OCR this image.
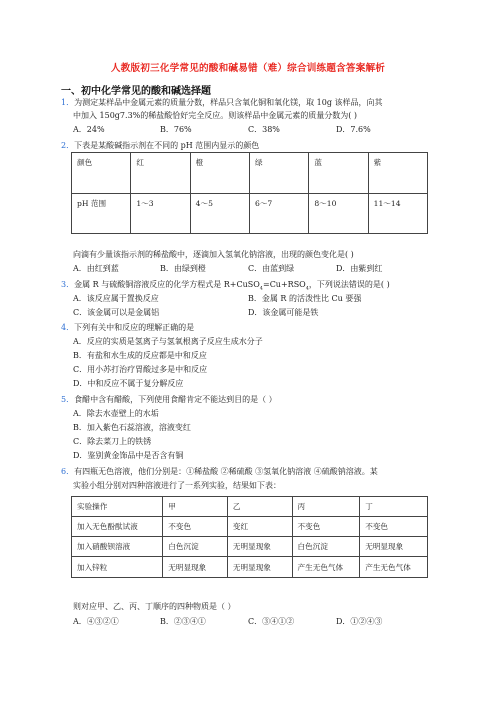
人教版初三化学常见的酸和碱易错（难）综合训练题含答案解析
一、初中化学常见的酸和碱选择题
1．为测定某样品中金属元素的质量分数，样品只含氧化铜和氧化镁，取 10g 该样品，向其
中加入 150g7.3%的稀盐酸恰好完全反应。则该样品中金属元素的质量分数为( )
A．24%	B．76%	C．38%	D．7.6%
2．下表是某酸碱指示剂在不同的 pH 范围内显示的颜色
颜色	红	橙	绿	蓝	紫
pH 范围	1～3	4～5	6～7	8～10	11～14
向滴有少量该指示剂的稀盐酸中，逐滴加入氢氧化钠溶液，出现的颜色变化是( )
A．由红到蓝	B．由绿到橙	C．由蓝到绿	D．由紫到红
3．金属 R 与硫酸铜溶液反应的化学方程式是 $R+CuSO_4=Cu+RSO_4$，下列说法错误的是( )
A．该反应属于置换反应	B．金属 R 的活泼性比 Cu 要强
C．该金属可以是金属铝	D．该金属可能是铁
4．下列有关中和反应的理解正确的是
A．反应的实质是氢离子与氢氧根离子反应生成水分子
B．有盐和水生成的反应都是中和反应
C．用小苏打治疗胃酸过多是中和反应
D．中和反应不属于复分解反应
5．食醋中含有醋酸，下列使用食醋肯定不能达到目的是（ ）
A．除去水壶壁上的水垢
B．加入紫色石蕊溶液，溶液变红
C．除去菜刀上的铁锈
D．鉴别黄金饰品中是否含有铜
6．有四瓶无色溶液，他们分别是：①稀盐酸 ②稀硫酸 ③氢氧化钠溶液 ④硫酸钠溶液。某
实验小组分别对四种溶液进行了一系列实验，结果如下表：
实验操作	甲	乙	丙	丁
加入无色酚酞试液	不变色	变红	不变色	不变色
加入硝酸钡溶液	白色沉淀	无明显现象	白色沉淀	无明显现象
加入锌粒	无明显现象	无明显现象	产生无色气体	产生无色气体
则对应甲、乙、丙、丁顺序的四种物质是（ ）
A．④③②①	B．②③④①	C．③④①②	D．①②④③
